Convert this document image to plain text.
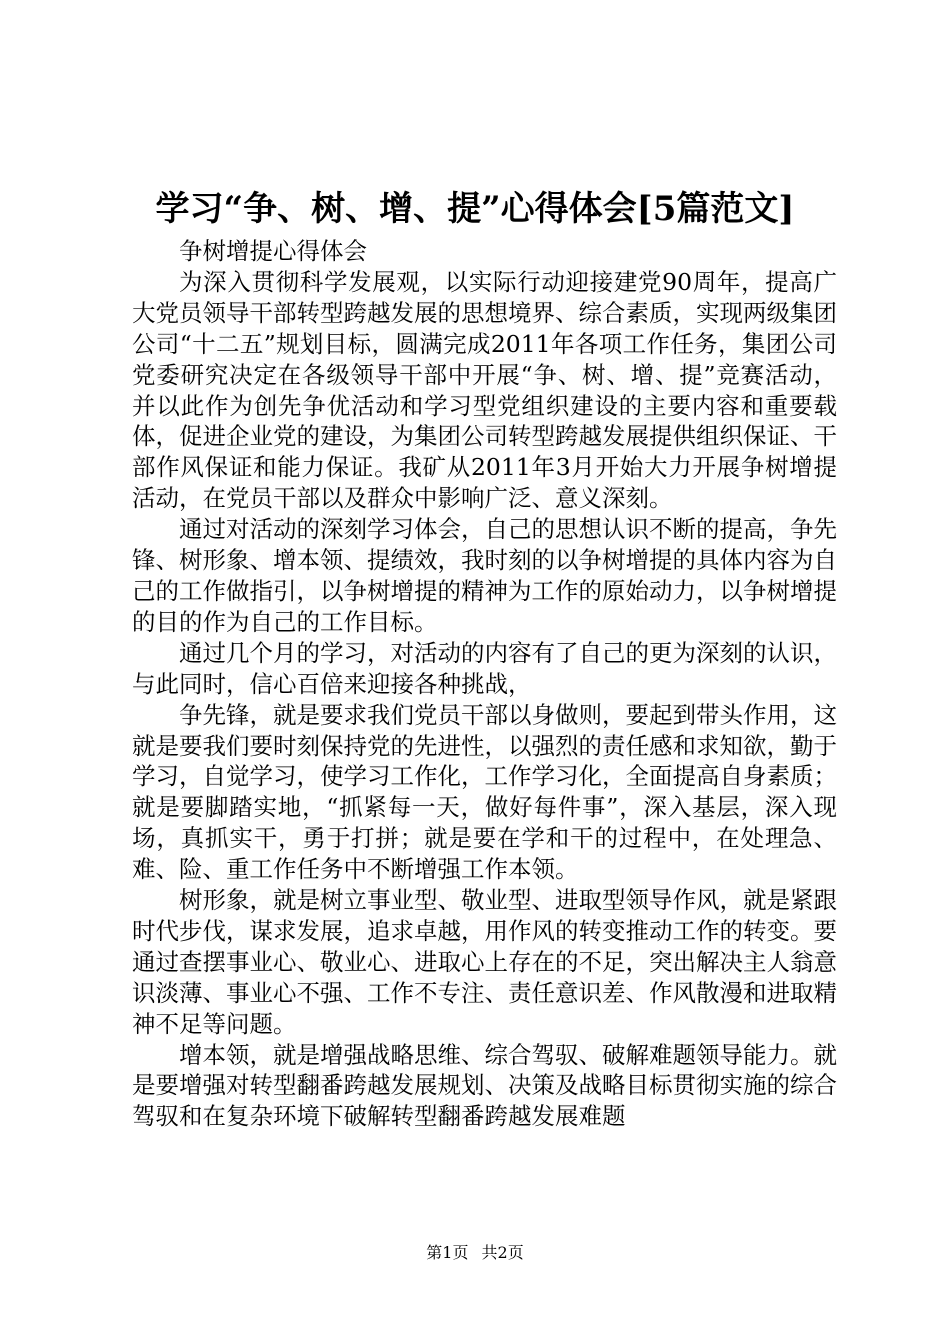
学习“争、树、增、提”心得体会[5篇范文]

争树增提心得体会

为深入贯彻科学发展观，以实际行动迎接建党90周年，提高广大党员领导干部转型跨越发展的思想境界、综合素质，实现两级集团公司“十二五”规划目标，圆满完成2011年各项工作任务，集团公司党委研究决定在各级领导干部中开展“争、树、增、提”竞赛活动，并以此作为创先争优活动和学习型党组织建设的主要内容和重要载体，促进企业党的建设，为集团公司转型跨越发展提供组织保证、干部作风保证和能力保证。我矿从2011年3月开始大力开展争树增提活动，在党员干部以及群众中影响广泛、意义深刻。

通过对活动的深刻学习体会，自己的思想认识不断的提高，争先锋、树形象、增本领、提绩效，我时刻的以争树增提的具体内容为自己的工作做指引，以争树增提的精神为工作的原始动力，以争树增提的目的作为自己的工作目标。

通过几个月的学习，对活动的内容有了自己的更为深刻的认识，与此同时，信心百倍来迎接各种挑战，

争先锋，就是要求我们党员干部以身做则，要起到带头作用，这就是要我们要时刻保持党的先进性，以强烈的责任感和求知欲，勤于学习，自觉学习，使学习工作化，工作学习化，全面提高自身素质；就是要脚踏实地，“抓紧每一天，做好每件事”，深入基层，深入现场，真抓实干，勇于打拼；就是要在学和干的过程中，在处理急、难、险、重工作任务中不断增强工作本领。

树形象，就是树立事业型、敬业型、进取型领导作风，就是紧跟时代步伐，谋求发展，追求卓越，用作风的转变推动工作的转变。要通过查摆事业心、敬业心、进取心上存在的不足，突出解决主人翁意识淡薄、事业心不强、工作不专注、责任意识差、作风散漫和进取精神不足等问题。

增本领，就是增强战略思维、综合驾驭、破解难题领导能力。就是要增强对转型翻番跨越发展规划、决策及战略目标贯彻实施的综合驾驭和在复杂环境下破解转型翻番跨越发展难题

第1页 共2页
